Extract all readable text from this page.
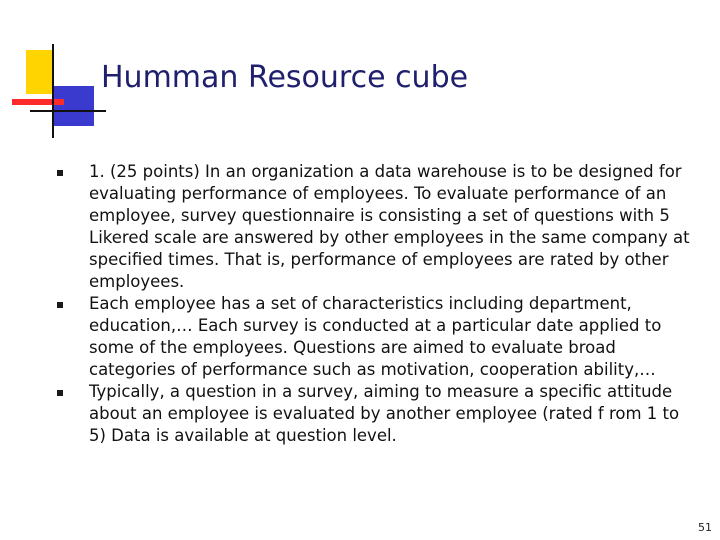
Humman Resource cube
1. (25 points) In an organization a data warehouse is to be designed for evaluating performance of employees. To evaluate performance of an employee, survey questionnaire is consisting a set of questions with 5 Likered scale are answered by other employees in the same company at specified times. That is, performance of employees are rated by other employees.
Each employee has a set of characteristics including department, education,… Each survey is conducted at a particular date applied to some of the employees. Questions are aimed to evaluate broad categories of performance such as motivation, cooperation ability,…
Typically, a question in a survey, aiming to measure a specific attitude about an employee is evaluated by another employee (rated f rom 1 to 5) Data is available at question level.
51
